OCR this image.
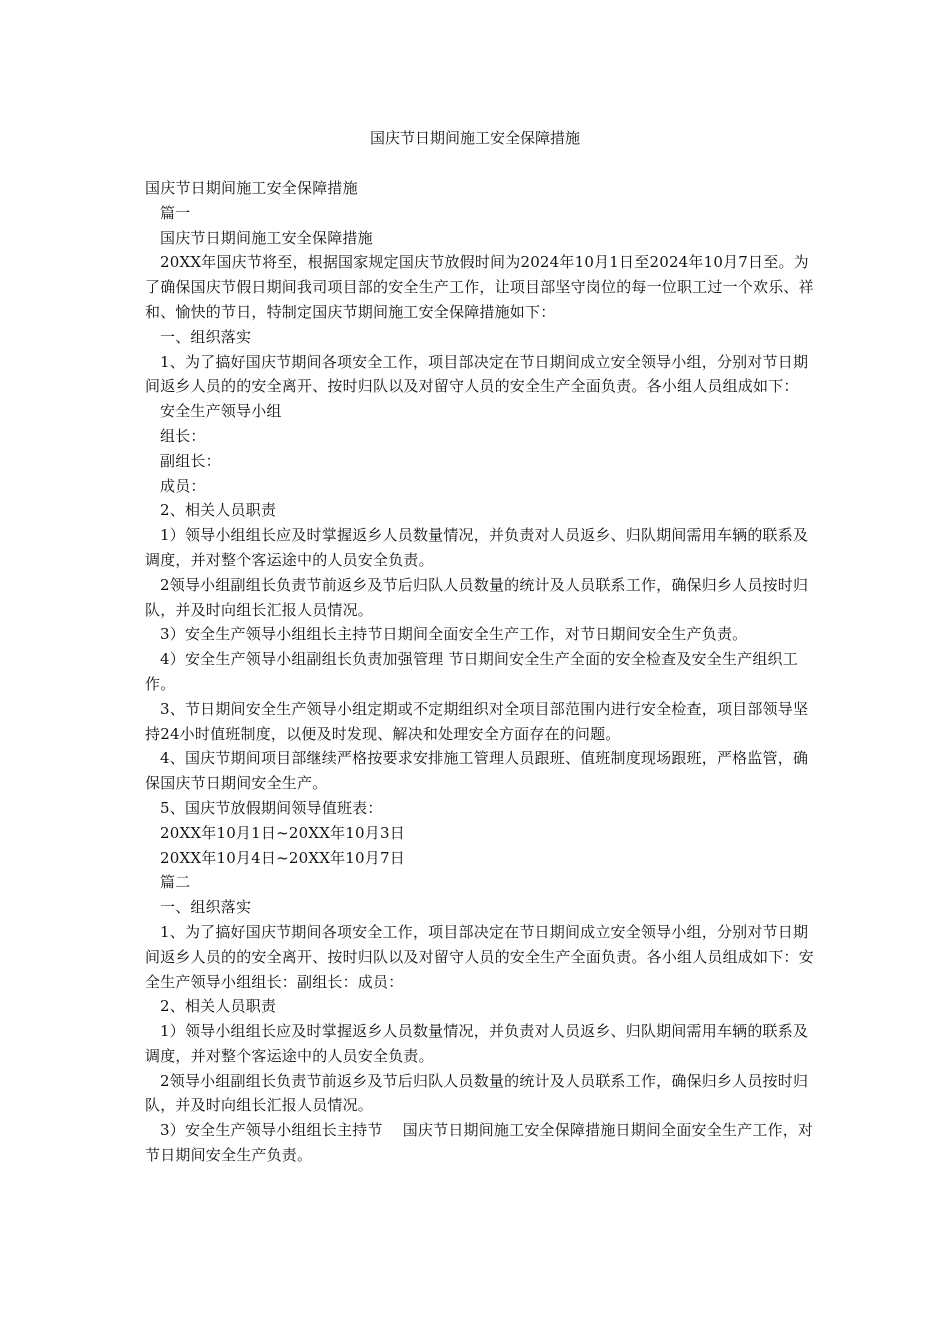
国庆节日期间施工安全保障措施

国庆节日期间施工安全保障措施

篇一

国庆节日期间施工安全保障措施

20XX年国庆节将至，根据国家规定国庆节放假时间为2024年10月1日至2024年10月7日至。为了确保国庆节假日期间我司项目部的安全生产工作，让项目部坚守岗位的每一位职工过一个欢乐、祥和、愉快的节日，特制定国庆节期间施工安全保障措施如下：

一、组织落实

1、为了搞好国庆节期间各项安全工作，项目部决定在节日期间成立安全领导小组，分别对节日期间返乡人员的的安全离开、按时归队以及对留守人员的安全生产全面负责。各小组人员组成如下：

安全生产领导小组

组长：

副组长：

成员：

2、相关人员职责

1）领导小组组长应及时掌握返乡人员数量情况，并负责对人员返乡、归队期间需用车辆的联系及调度，并对整个客运途中的人员安全负责。

2领导小组副组长负责节前返乡及节后归队人员数量的统计及人员联系工作，确保归乡人员按时归队，并及时向组长汇报人员情况。

3）安全生产领导小组组长主持节日期间全面安全生产工作，对节日期间安全生产负责。

4）安全生产领导小组副组长负责加强管理 节日期间安全生产全面的安全检查及安全生产组织工作。

3、节日期间安全生产领导小组定期或不定期组织对全项目部范围内进行安全检查，项目部领导坚持24小时值班制度，以便及时发现、解决和处理安全方面存在的问题。

4、国庆节期间项目部继续严格按要求安排施工管理人员跟班、值班制度现场跟班，严格监管，确保国庆节日期间安全生产。

5、国庆节放假期间领导值班表：

20XX年10月1日~20XX年10月3日

20XX年10月4日~20XX年10月7日

篇二

一、组织落实

1、为了搞好国庆节期间各项安全工作，项目部决定在节日期间成立安全领导小组，分别对节日期间返乡人员的的安全离开、按时归队以及对留守人员的安全生产全面负责。各小组人员组成如下：安全生产领导小组组长：副组长：成员：

2、相关人员职责

1）领导小组组长应及时掌握返乡人员数量情况，并负责对人员返乡、归队期间需用车辆的联系及调度，并对整个客运途中的人员安全负责。

2领导小组副组长负责节前返乡及节后归队人员数量的统计及人员联系工作，确保归乡人员按时归队，并及时向组长汇报人员情况。

3）安全生产领导小组组长主持节　 国庆节日期间施工安全保障措施日期间全面安全生产工作，对节日期间安全生产负责。
